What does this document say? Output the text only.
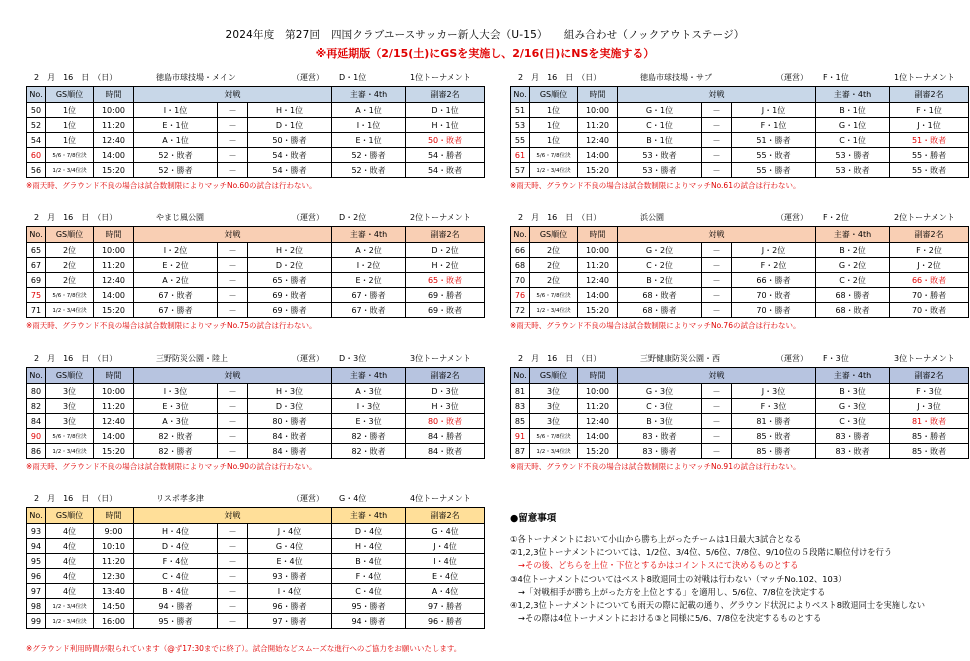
2024年度　第27回　四国クラブユースサッカー新人大会（U-15）　　組み合わせ（ノックアウトステージ）
※再延期版（2/15(土)にGSを実施し、2/16(日)にNSを実施する）
2　月　16　日　（日）	徳島市球技場・メイン	（運営） D・1位	1位トーナメント
No.	GS順位	時間	対戦			主審・4th	副審2名
50	1位	10:00	I・1位	－	H・1位	A・1位	D・1位
52	1位	11:20	E・1位	－	D・1位	I・1位	H・1位
54	1位	12:40	A・1位	－	50・勝者	E・1位	50・敗者
60	5/6・7/8位決	14:00	52・敗者	－	54・敗者	52・勝者	54・勝者
56	1/2・3/4位決	15:20	52・勝者	－	54・勝者	52・敗者	54・敗者
※雨天時、グラウンド不良の場合は試合数制限によりマッチNo.60の試合は行わない。
2　月　16　日　（日）	徳島市球技場・サブ	（運営） F・1位	1位トーナメント
No.	GS順位	時間	対戦			主審・4th	副審2名
51	1位	10:00	G・1位	－	J・1位	B・1位	F・1位
53	1位	11:20	C・1位	－	F・1位	G・1位	J・1位
55	1位	12:40	B・1位	－	51・勝者	C・1位	51・敗者
61	5/6・7/8位決	14:00	53・敗者	－	55・敗者	53・勝者	55・勝者
57	1/2・3/4位決	15:20	53・勝者	－	55・勝者	53・敗者	55・敗者
※雨天時、グラウンド不良の場合は試合数制限によりマッチNo.61の試合は行わない。
2　月　16　日　（日）	やまじ風公園	（運営） D・2位	2位トーナメント
No.	GS順位	時間	対戦			主審・4th	副審2名
65	2位	10:00	I・2位	－	H・2位	A・2位	D・2位
67	2位	11:20	E・2位	－	D・2位	I・2位	H・2位
69	2位	12:40	A・2位	－	65・勝者	E・2位	65・敗者
75	5/6・7/8位決	14:00	67・敗者	－	69・敗者	67・勝者	69・勝者
71	1/2・3/4位決	15:20	67・勝者	－	69・勝者	67・敗者	69・敗者
※雨天時、グラウンド不良の場合は試合数制限によりマッチNo.75の試合は行わない。
2　月　16　日　（日）	浜公園	（運営） F・2位	2位トーナメント
No.	GS順位	時間	対戦			主審・4th	副審2名
66	2位	10:00	G・2位	－	J・2位	B・2位	F・2位
68	2位	11:20	C・2位	－	F・2位	G・2位	J・2位
70	2位	12:40	B・2位	－	66・勝者	C・2位	66・敗者
76	5/6・7/8位決	14:00	68・敗者	－	70・敗者	68・勝者	70・勝者
72	1/2・3/4位決	15:20	68・勝者	－	70・勝者	68・敗者	70・敗者
※雨天時、グラウンド不良の場合は試合数制限によりマッチNo.76の試合は行わない。
2　月　16　日　（日）	三野防災公園・陸上	（運営） D・3位	3位トーナメント
No.	GS順位	時間	対戦			主審・4th	副審2名
80	3位	10:00	I・3位	－	H・3位	A・3位	D・3位
82	3位	11:20	E・3位	－	D・3位	I・3位	H・3位
84	3位	12:40	A・3位	－	80・勝者	E・3位	80・敗者
90	5/6・7/8位決	14:00	82・敗者	－	84・敗者	82・勝者	84・勝者
86	1/2・3/4位決	15:20	82・勝者	－	84・勝者	82・敗者	84・敗者
※雨天時、グラウンド不良の場合は試合数制限によりマッチNo.90の試合は行わない。
2　月　16　日　（日）	三野健康防災公園・西	（運営） F・3位	3位トーナメント
No.	GS順位	時間	対戦			主審・4th	副審2名
81	3位	10:00	G・3位	－	J・3位	B・3位	F・3位
83	3位	11:20	C・3位	－	F・3位	G・3位	J・3位
85	3位	12:40	B・3位	－	81・勝者	C・3位	81・敗者
91	5/6・7/8位決	14:00	83・敗者	－	85・敗者	83・勝者	85・勝者
87	1/2・3/4位決	15:20	83・勝者	－	85・勝者	83・敗者	85・敗者
※雨天時、グラウンド不良の場合は試合数制限によりマッチNo.91の試合は行わない。
2　月　16　日　（日）	リスポ孝多津	（運営） G・4位	4位トーナメント
No.	GS順位	時間	対戦			主審・4th	副審2名
93	4位	9:00	H・4位	－	J・4位	D・4位	G・4位
94	4位	10:10	D・4位	－	G・4位	H・4位	J・4位
95	4位	11:20	F・4位	－	E・4位	B・4位	I・4位
96	4位	12:30	C・4位	－	93・勝者	F・4位	E・4位
97	4位	13:40	B・4位	－	I・4位	C・4位	A・4位
98	1/2・3/4位決	14:50	94・勝者	－	96・勝者	95・勝者	97・勝者
99	1/2・3/4位決	16:00	95・勝者	－	97・勝者	94・勝者	96・勝者
●留意事項
①各トーナメントにおいて小山から勝ち上がったチームは1日最大3試合となる
②1,2,3位トーナメントについては、1/2位、3/4位、5/6位、7/8位、9/10位の５段階に順位付けを行う
→その後、どちらを上位・下位とするかはコイントスにて決めるものとする
③4位トーナメントについてはベスト8敗退同士の対戦は行わない（マッチNo.102、103）
→「対戦相手が勝ち上がった方を上位とする」を適用し、5/6位、7/8位を決定する
④1,2,3位トーナメントについても雨天の際に記載の通り、グラウンド状況によりベスト8敗退同士を実施しない
→その際は4位トーナメントにおける③と同様に5/6、7/8位を決定するものとする
※グラウンド利用時間が限られています（@ず17:30までに終了）。試合開始などスムーズな進行へのご協力をお願いいたします。
